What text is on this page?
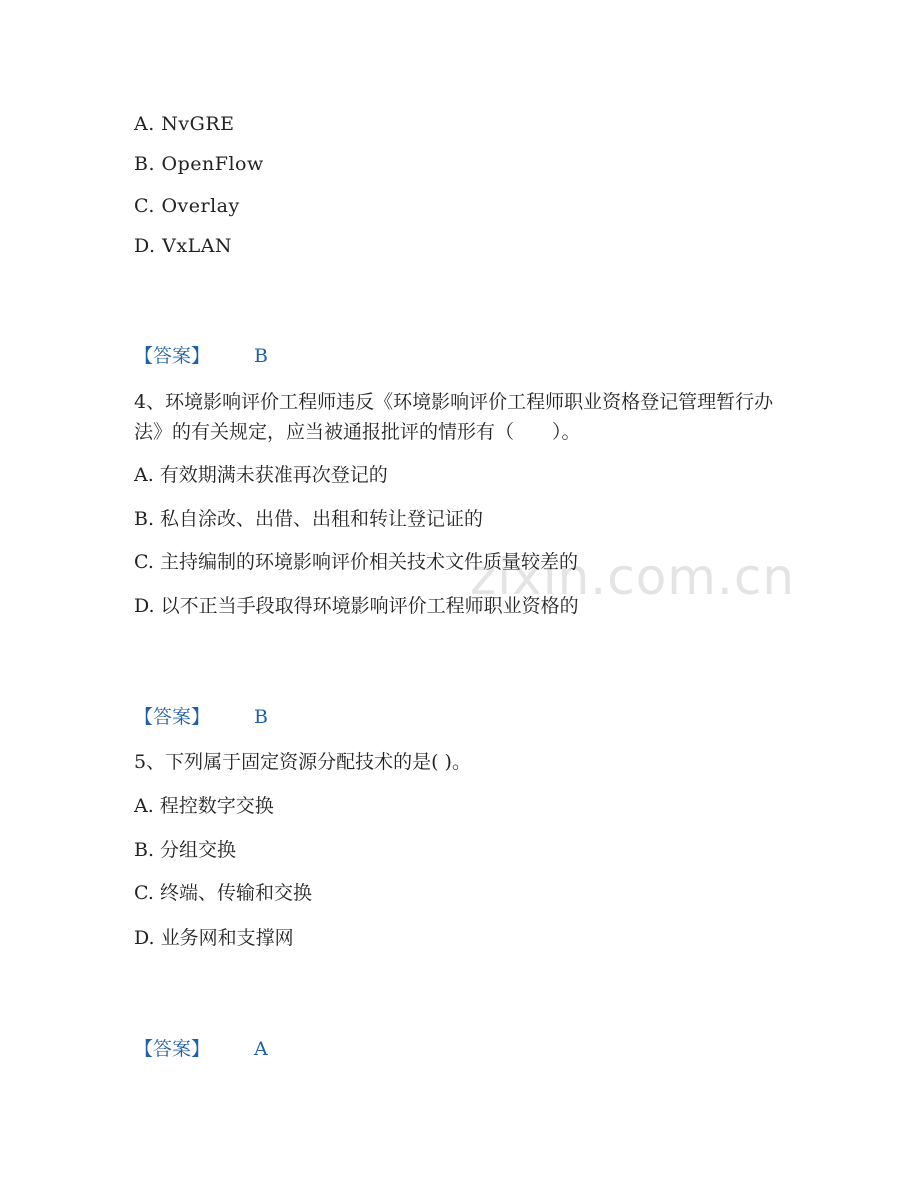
zixin.com.cn
A. NvGRE
B. OpenFlow
C. Overlay
D. VxLAN
【答案】 B
4、环境影响评价工程师违反《环境影响评价工程师职业资格登记管理暂行办法》的有关规定，应当被通报批评的情形有（　　）。
A. 有效期满未获准再次登记的
B. 私自涂改、出借、出租和转让登记证的
C. 主持编制的环境影响评价相关技术文件质量较差的
D. 以不正当手段取得环境影响评价工程师职业资格的
【答案】 B
5、下列属于固定资源分配技术的是( )。
A. 程控数字交换
B. 分组交换
C. 终端、传输和交换
D. 业务网和支撑网
【答案】 A
